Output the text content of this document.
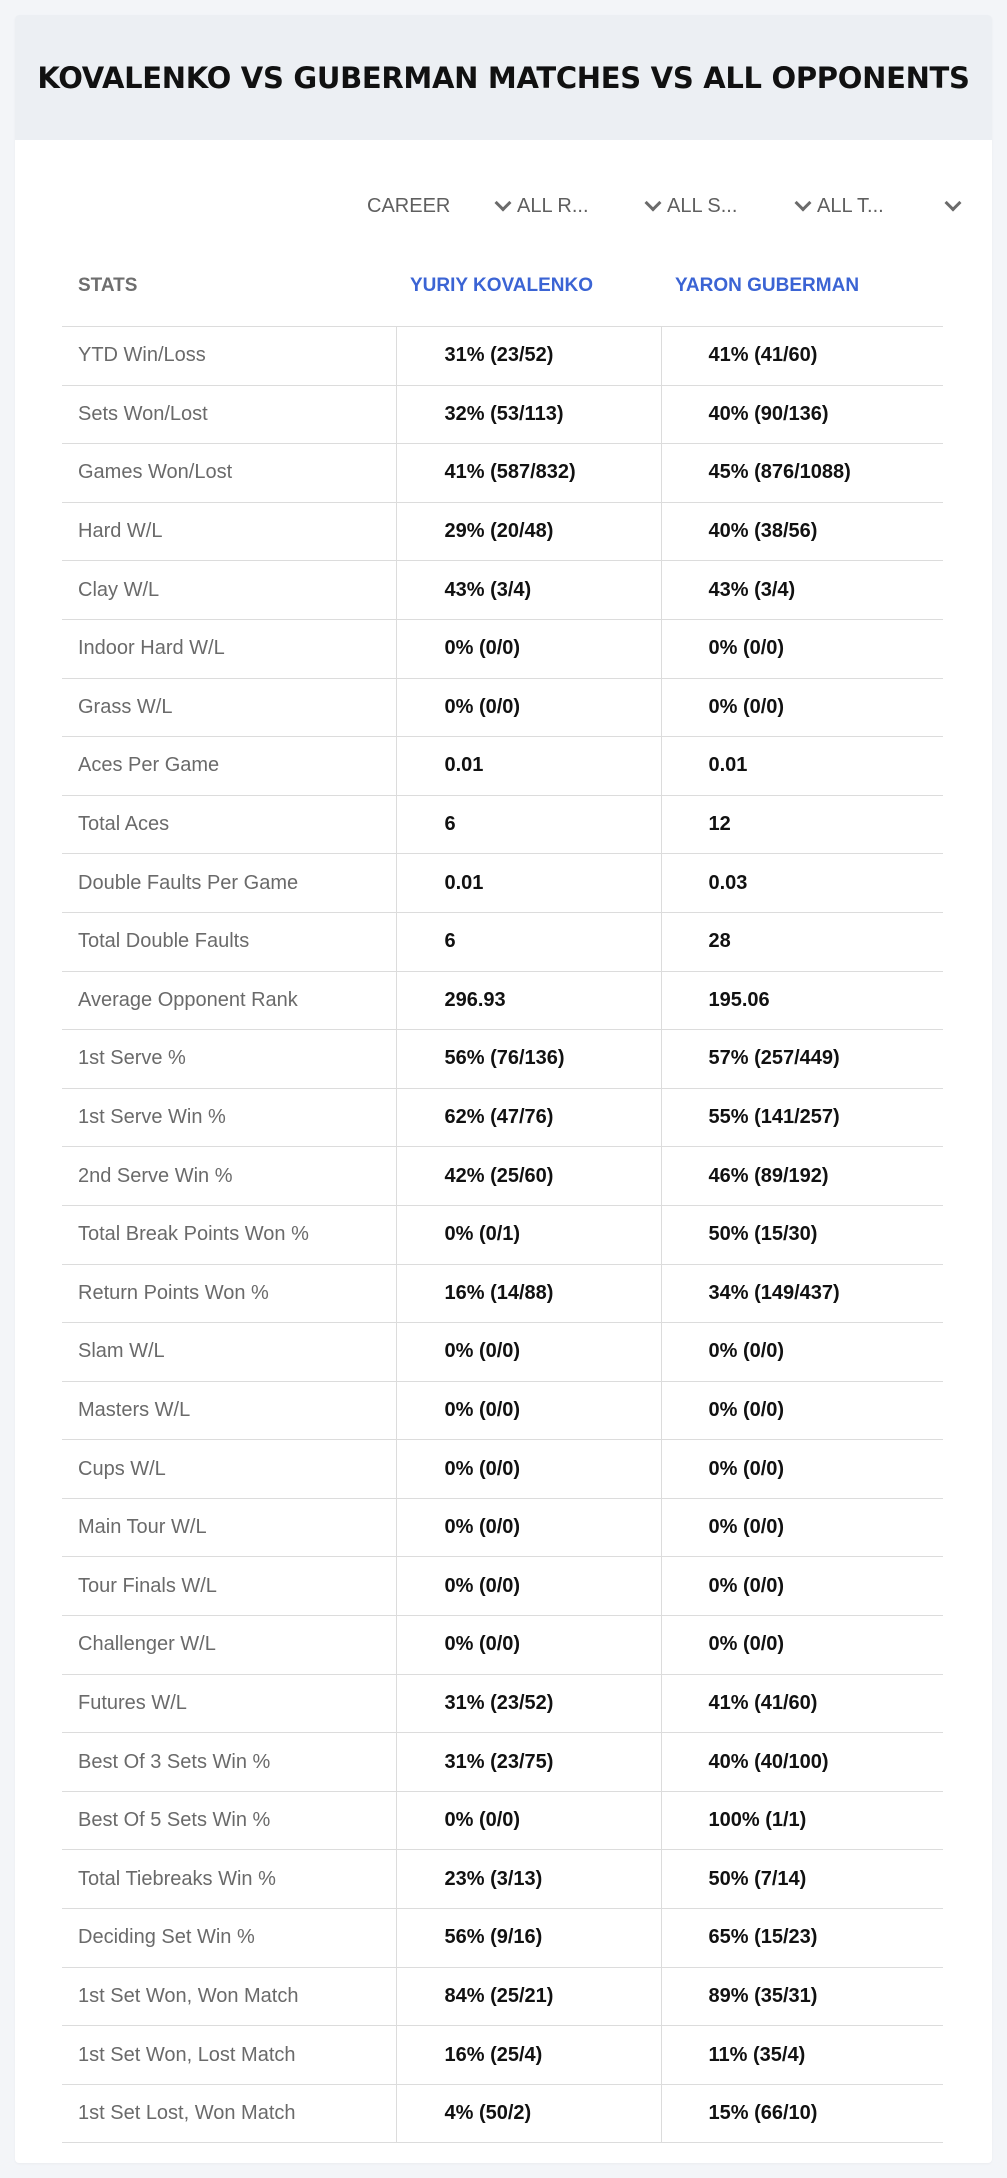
KOVALENKO VS GUBERMAN MATCHES VS ALL OPPONENTS
CAREER	ALL R...	ALL S...	ALL T...
STATS	YURIY KOVALENKO	YARON GUBERMAN
YTD Win/Loss	31% (23/52)	41% (41/60)
Sets Won/Lost	32% (53/113)	40% (90/136)
Games Won/Lost	41% (587/832)	45% (876/1088)
Hard W/L	29% (20/48)	40% (38/56)
Clay W/L	43% (3/4)	43% (3/4)
Indoor Hard W/L	0% (0/0)	0% (0/0)
Grass W/L	0% (0/0)	0% (0/0)
Aces Per Game	0.01	0.01
Total Aces	6	12
Double Faults Per Game	0.01	0.03
Total Double Faults	6	28
Average Opponent Rank	296.93	195.06
1st Serve %	56% (76/136)	57% (257/449)
1st Serve Win %	62% (47/76)	55% (141/257)
2nd Serve Win %	42% (25/60)	46% (89/192)
Total Break Points Won %	0% (0/1)	50% (15/30)
Return Points Won %	16% (14/88)	34% (149/437)
Slam W/L	0% (0/0)	0% (0/0)
Masters W/L	0% (0/0)	0% (0/0)
Cups W/L	0% (0/0)	0% (0/0)
Main Tour W/L	0% (0/0)	0% (0/0)
Tour Finals W/L	0% (0/0)	0% (0/0)
Challenger W/L	0% (0/0)	0% (0/0)
Futures W/L	31% (23/52)	41% (41/60)
Best Of 3 Sets Win %	31% (23/75)	40% (40/100)
Best Of 5 Sets Win %	0% (0/0)	100% (1/1)
Total Tiebreaks Win %	23% (3/13)	50% (7/14)
Deciding Set Win %	56% (9/16)	65% (15/23)
1st Set Won, Won Match	84% (25/21)	89% (35/31)
1st Set Won, Lost Match	16% (25/4)	11% (35/4)
1st Set Lost, Won Match	4% (50/2)	15% (66/10)
